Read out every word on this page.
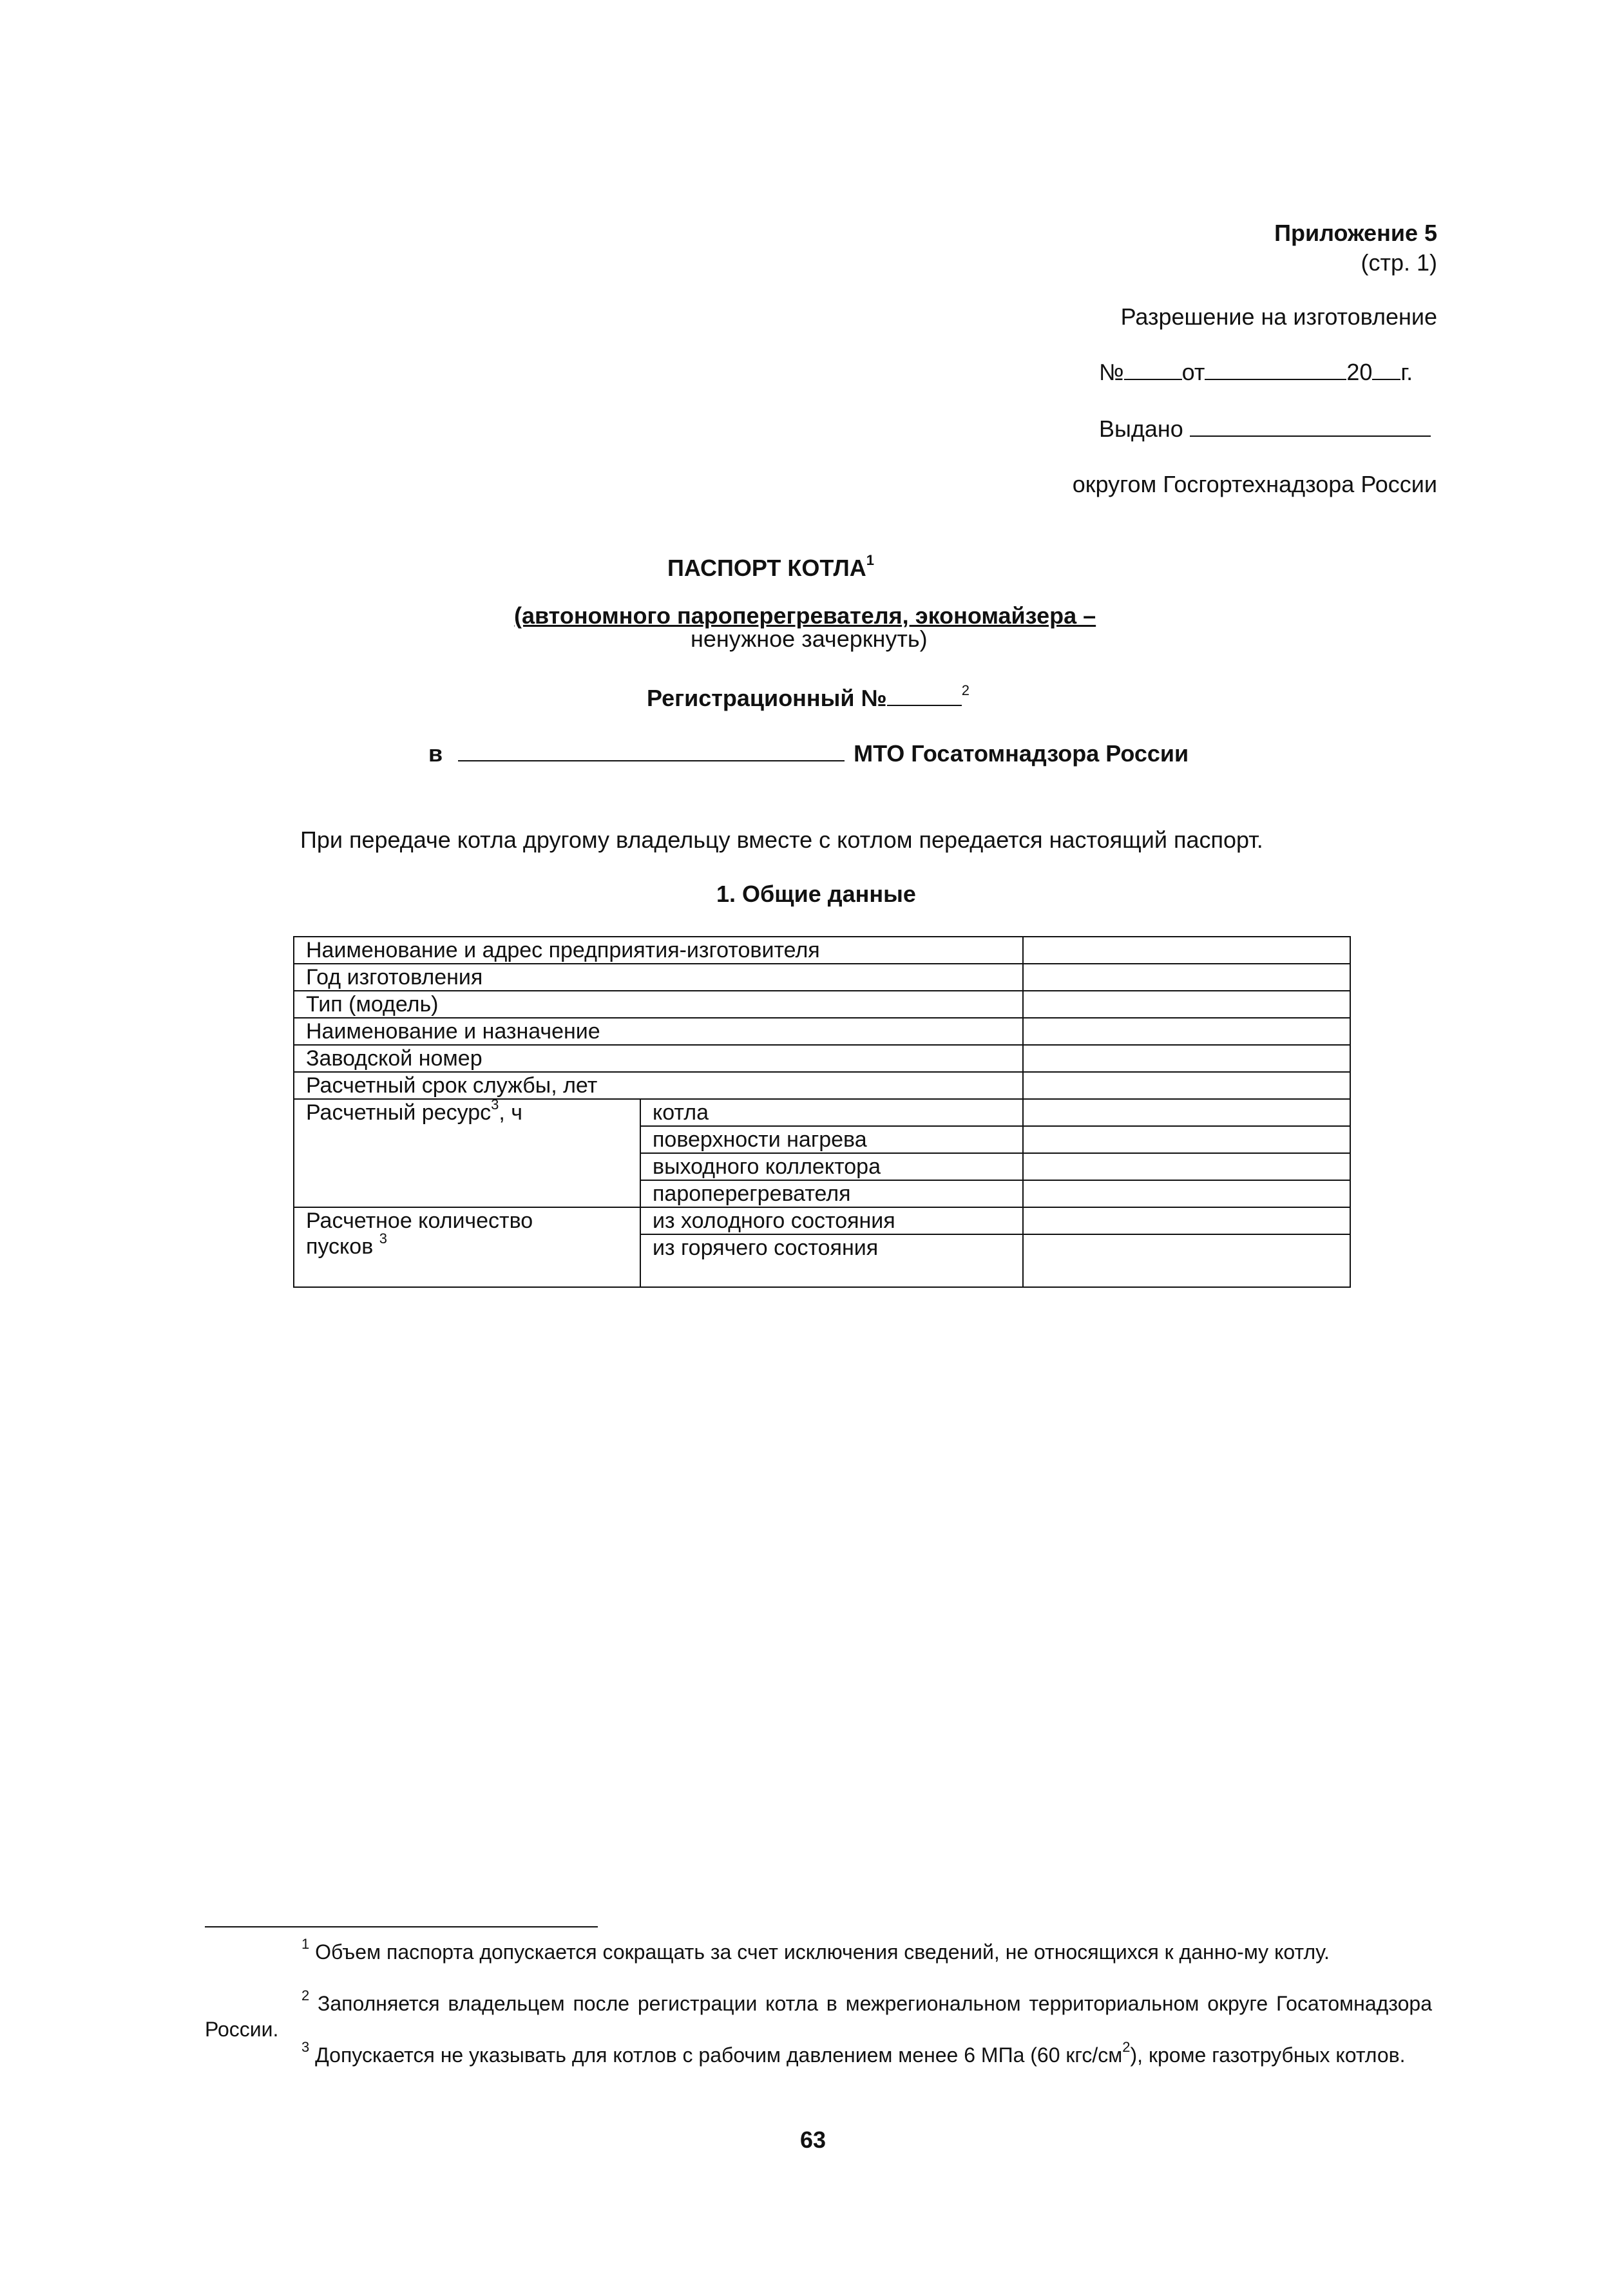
Приложение 5
(стр. 1)
Разрешение на изготовление
№	от	20 г.
Выдано
округом Госгортехнадзора России
ПАСПОРТ КОТЛА$^1$
(автономного пароперегревателя, экономайзера –
ненужное зачеркнуть)
Регистрационный №	$^2$
в	МТО Госатомнадзора России
При передаче котла другому владельцу вместе с котлом передается настоящий паспорт.
1. Общие данные
Наименование и адрес предприятия-изготовителя		
Год изготовления		
Тип (модель)		
Наименование и назначение		
Заводской номер		
Расчетный срок службы, лет		
Расчетный ресурс$^3$, ч	котла	
	поверхности нагрева	
	выходного коллектора	
	пароперегревателя	
Расчетное количество
пусков $^3$	из холодного состояния	
	из горячего состояния	
$^1$ Объем паспорта допускается сокращать за счет исключения сведений, не относящихся к данно-му котлу.
$^2$ Заполняется владельцем после регистрации котла в межрегиональном территориальном округе Госатомнадзора России.
$^3$ Допускается не указывать для котлов с рабочим давлением менее 6 МПа (60 кгс/$см^2$), кроме газотрубных котлов.
63
